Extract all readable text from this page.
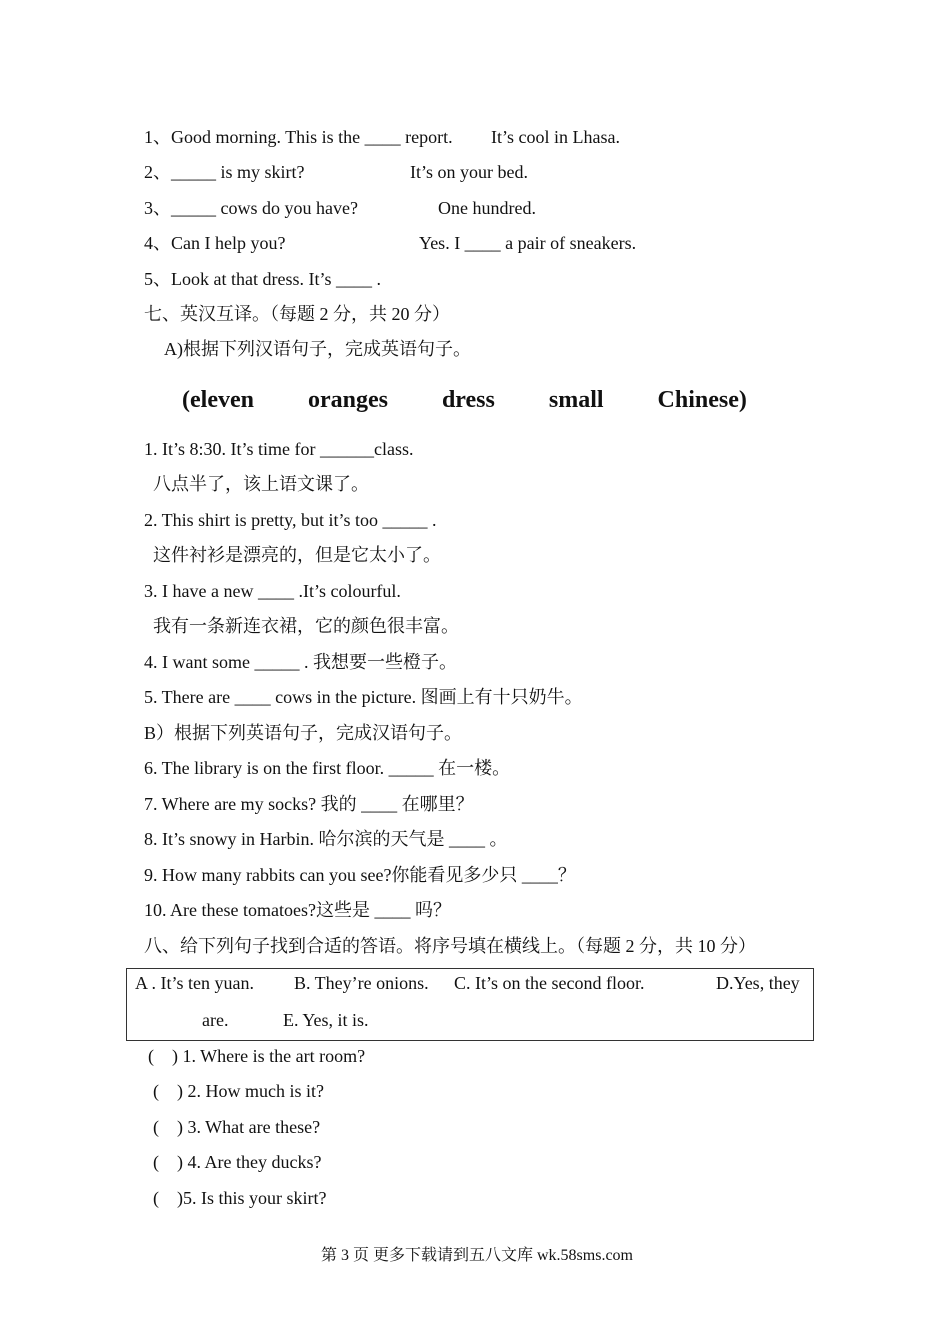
1、Good morning. This is the ____ report. It’s cool in Lhasa.
2、_____ is my skirt?	It’s on your bed.
3、_____ cows do you have?	One hundred.
4、Can I help you?	Yes. I ____ a pair of sneakers.
5、Look at that dress. It’s ____ .
七、英汉互译。（每题 2 分，共 20 分）
A)根据下列汉语句子，完成英语句子。
(eleven   oranges   dress   small   Chinese)
1. It’s 8:30. It’s time for ______class.
八点半了，该上语文课了。
2. This shirt is pretty, but it’s too _____ .
这件衬衫是漂亮的，但是它太小了。
3. I have a new ____ .It’s colourful.
我有一条新连衣裙，它的颜色很丰富。
4. I want some _____ . 我想要一些橙子。
5. There are ____ cows in the picture. 图画上有十只奶牛。
B）根据下列英语句子，完成汉语句子。
6. The library is on the first floor. _____ 在一楼。
7. Where are my socks? 我的 ____ 在哪里？
8. It’s snowy in Harbin. 哈尔滨的天气是 ____ 。
9. How many rabbits can you see?你能看见多少只 ____？
10. Are these tomatoes?这些是 ____ 吗？
八、给下列句子找到合适的答语。将序号填在横线上。（每题 2 分，共 10 分）
A . It’s ten yuan. B. They’re onions. C. It’s on the second floor.	D.Yes, they
are.	E. Yes, it is.
(    ) 1. Where is the art room?
(    ) 2. How much is it?
(    ) 3. What are these?
(    ) 4. Are they ducks?
(    )5. Is this your skirt?
第 3 页 更多下载请到五八文库 wk.58sms.com
